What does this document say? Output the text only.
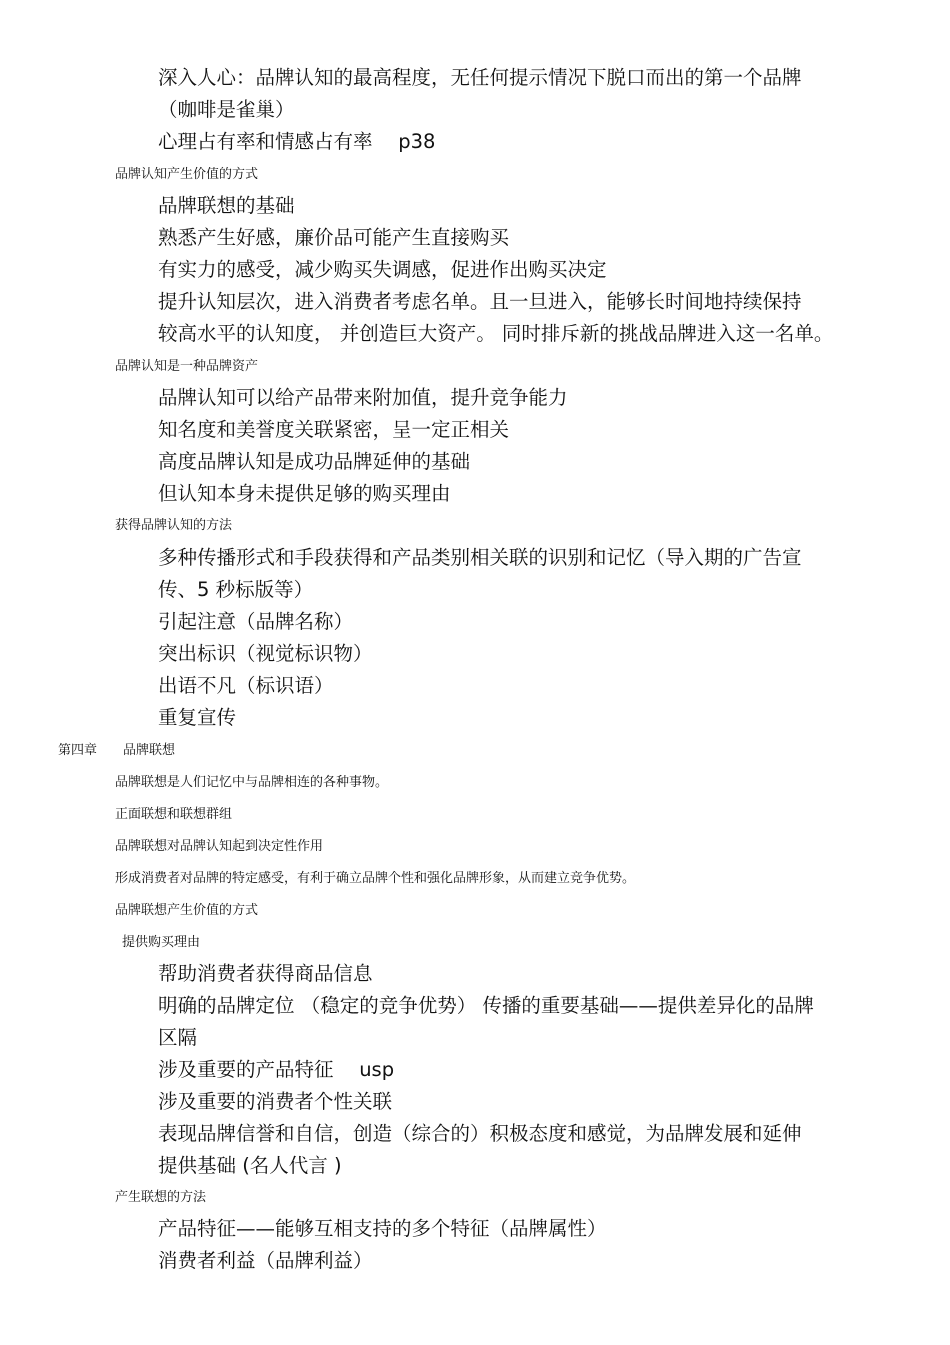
深入人心：品牌认知的最高程度，无任何提示情况下脱口而出的第一个品牌
（咖啡是雀巢）
心理占有率和情感占有率 　p38
品牌认知产生价值的方式
品牌联想的基础
熟悉产生好感，廉价品可能产生直接购买
有实力的感受，减少购买失调感，促进作出购买决定
提升认知层次，进入消费者考虑名单。且一旦进入，能够长时间地持续保持
较高水平的认知度， 并创造巨大资产。 同时排斥新的挑战品牌进入这一名单。
品牌认知是一种品牌资产
品牌认知可以给产品带来附加值，提升竞争能力
知名度和美誉度关联紧密，呈一定正相关
高度品牌认知是成功品牌延伸的基础
但认知本身未提供足够的购买理由
获得品牌认知的方法
多种传播形式和手段获得和产品类别相关联的识别和记忆（导入期的广告宣
传、5 秒标版等）
引起注意（品牌名称）
突出标识（视觉标识物）
出语不凡（标识语）
重复宣传
第四章　　品牌联想
品牌联想是人们记忆中与品牌相连的各种事物。
正面联想和联想群组
品牌联想对品牌认知起到决定性作用
形成消费者对品牌的特定感受，有利于确立品牌个性和强化品牌形象，从而建立竞争优势。
品牌联想产生价值的方式
提供购买理由
帮助消费者获得商品信息
明确的品牌定位 （稳定的竞争优势） 传播的重要基础——提供差异化的品牌
区隔
涉及重要的产品特征 　usp
涉及重要的消费者个性关联
表现品牌信誉和自信，创造（综合的）积极态度和感觉，为品牌发展和延伸
提供基础 (名人代言 )
产生联想的方法
产品特征——能够互相支持的多个特征（品牌属性）
消费者利益（品牌利益）
